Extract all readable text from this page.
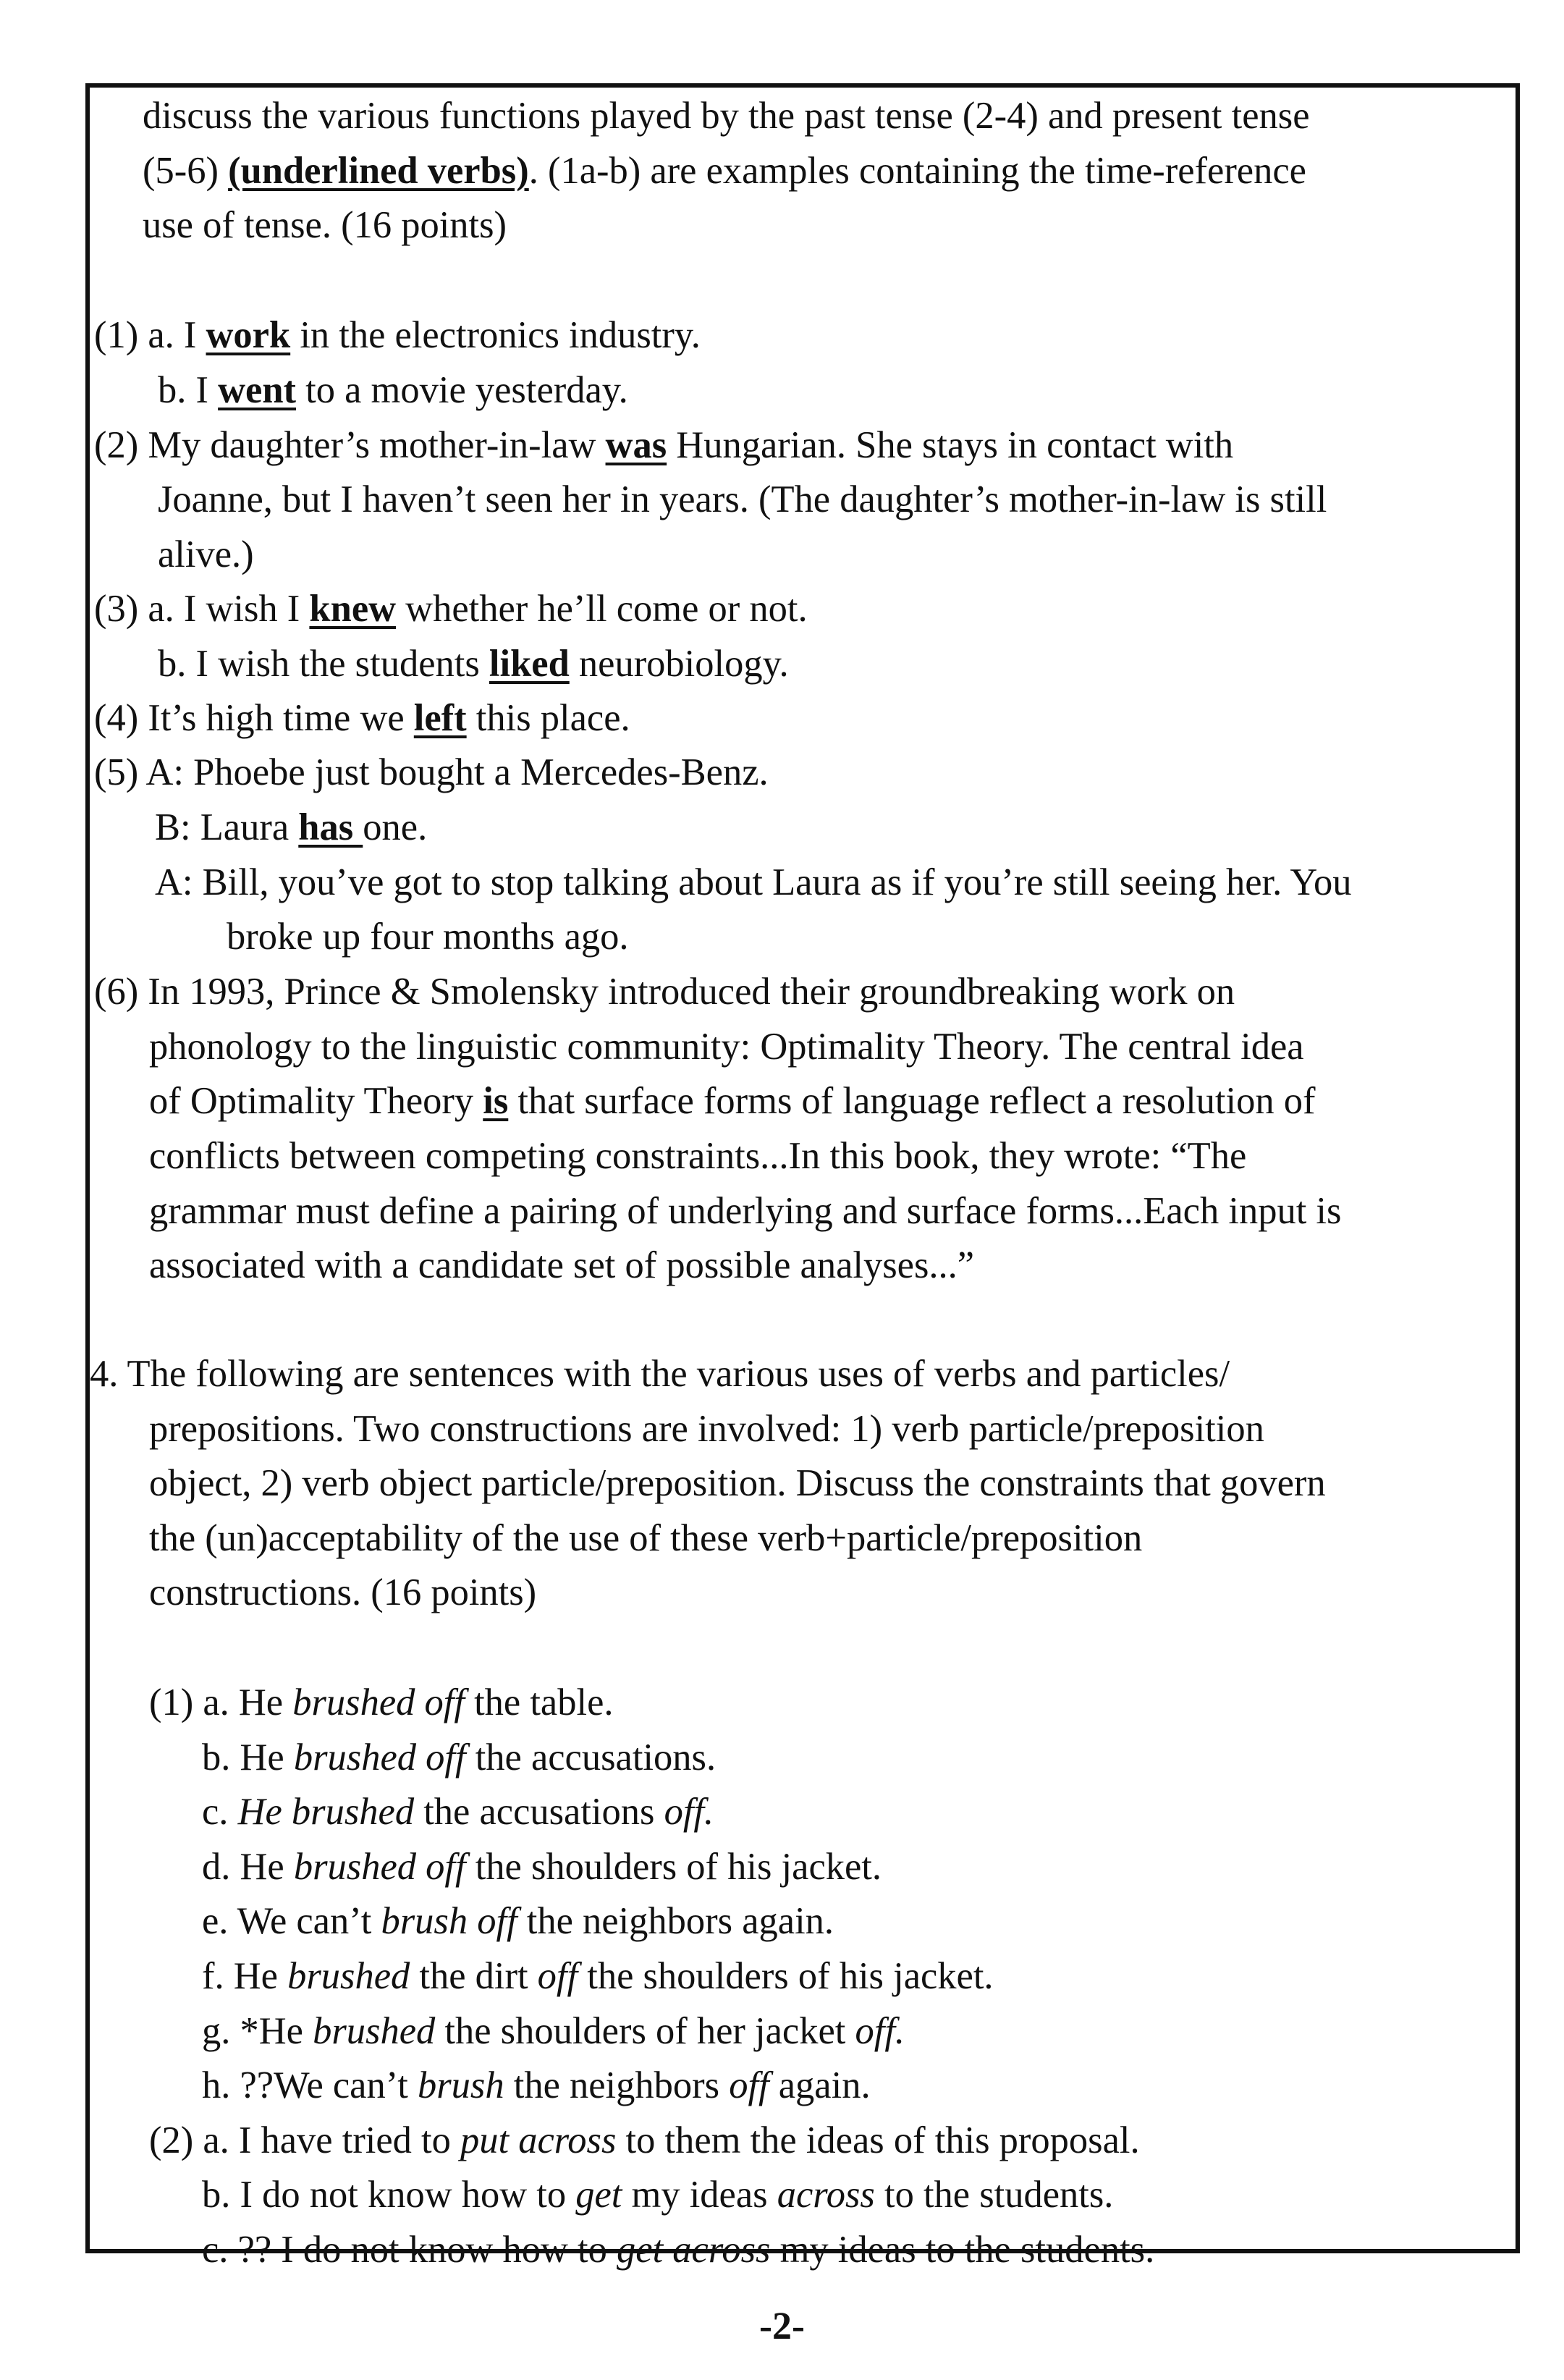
discuss the various functions played by the past tense (2-4) and present tense
(5-6) (underlined verbs). (1a-b) are examples containing the time-reference
use of tense. (16 points)
(1) a. I work in the electronics industry.
b. I went to a movie yesterday.
(2) My daughter’s mother-in-law was Hungarian. She stays in contact with
Joanne, but I haven’t seen her in years. (The daughter’s mother-in-law is still
alive.)
(3) a. I wish I knew whether he’ll come or not.
b. I wish the students liked neurobiology.
(4) It’s high time we left this place.
(5) A: Phoebe just bought a Mercedes-Benz.
B: Laura has one.
A: Bill, you’ve got to stop talking about Laura as if you’re still seeing her. You
broke up four months ago.
(6) In 1993, Prince & Smolensky introduced their groundbreaking work on
phonology to the linguistic community: Optimality Theory. The central idea
of Optimality Theory is that surface forms of language reflect a resolution of
conflicts between competing constraints...In this book, they wrote: “The
grammar must define a pairing of underlying and surface forms...Each input is
associated with a candidate set of possible analyses...”
4. The following are sentences with the various uses of verbs and particles/
prepositions. Two constructions are involved: 1) verb particle/preposition
object, 2) verb object particle/preposition. Discuss the constraints that govern
the (un)acceptability of the use of these verb+particle/preposition
constructions. (16 points)
(1) a. He brushed off the table.
b. He brushed off the accusations.
c. He brushed the accusations off.
d. He brushed off the shoulders of his jacket.
e. We can’t brush off the neighbors again.
f. He brushed the dirt off the shoulders of his jacket.
g. *He brushed the shoulders of her jacket off.
h. ??We can’t brush the neighbors off again.
(2) a. I have tried to put across to them the ideas of this proposal.
b. I do not know how to get my ideas across to the students.
c. ?? I do not know how to get across my ideas to the students.
-2-
